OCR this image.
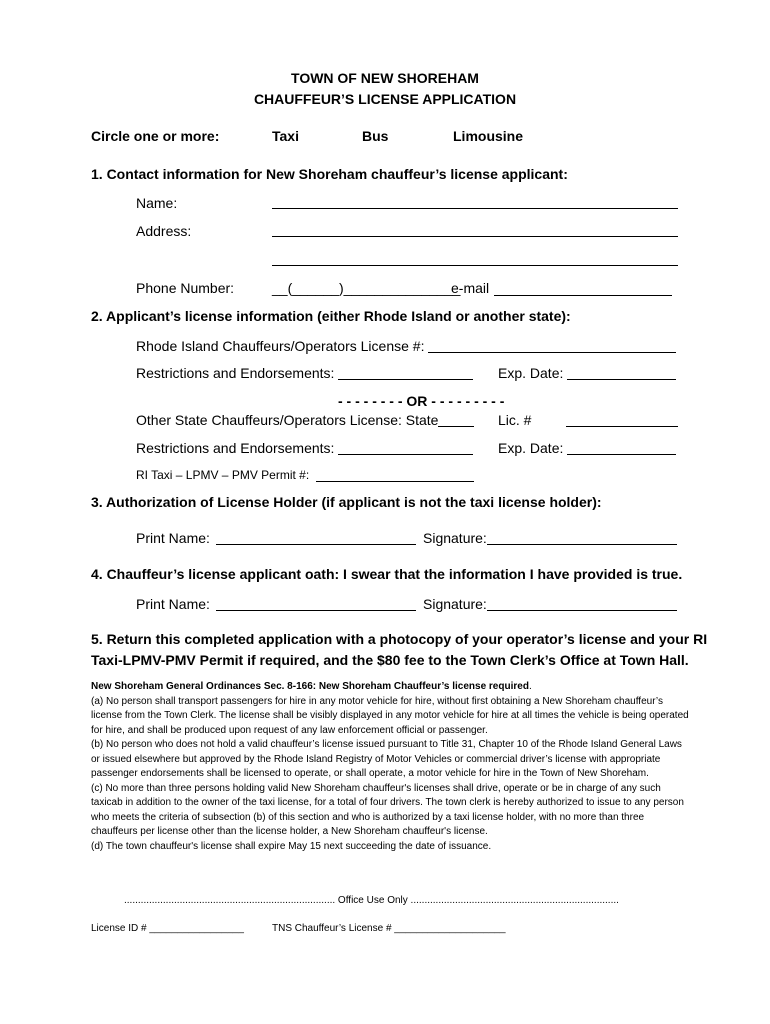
TOWN OF NEW SHOREHAM
CHAUFFEUR’S LICENSE APPLICATION
Circle one or more:	Taxi	Bus	Limousine
1. Contact information for New Shoreham chauffeur’s license applicant:
Name:
Address:
Phone Number:	__(______)_______________
e-mail
2. Applicant’s license information (either Rhode Island or another state):
Rhode Island Chauffeurs/Operators License #:
Restrictions and Endorsements:	Exp. Date:
- - - - - - - - OR - - - - - - - - -
Other State Chauffeurs/Operators License: State	Lic. #
Restrictions and Endorsements:	Exp. Date:
RI Taxi – LPMV – PMV Permit #:
3. Authorization of License Holder (if applicant is not the taxi license holder):
Print Name:	Signature:
4. Chauffeur’s license applicant oath: I swear that the information I have provided is true.
Print Name:	Signature:
5. Return this completed application with a photocopy of your operator’s license and your RI
Taxi-LPMV-PMV Permit if required, and the $80 fee to the Town Clerk’s Office at Town Hall.
New Shoreham General Ordinances Sec. 8-166: New Shoreham Chauffeur’s license required.
(a) No person shall transport passengers for hire in any motor vehicle for hire, without first obtaining a New Shoreham chauffeur’s license from the Town Clerk. The license shall be visibly displayed in any motor vehicle for hire at all times the vehicle is being operated for hire, and shall be produced upon request of any law enforcement official or passenger.
(b) No person who does not hold a valid chauffeur’s license issued pursuant to Title 31, Chapter 10 of the Rhode Island General Laws or issued elsewhere but approved by the Rhode Island Registry of Motor Vehicles or commercial driver’s license with appropriate passenger endorsements shall be licensed to operate, or shall operate, a motor vehicle for hire in the Town of New Shoreham.
(c) No more than three persons holding valid New Shoreham chauffeur's licenses shall drive, operate or be in charge of any such taxicab in addition to the owner of the taxi license, for a total of four drivers. The town clerk is hereby authorized to issue to any person who meets the criteria of subsection (b) of this section and who is authorized by a taxi license holder, with no more than three chauffeurs per license other than the license holder, a New Shoreham chauffeur's license.
(d) The town chauffeur's license shall expire May 15 next succeeding the date of issuance.
............................................................................ Office Use Only ...........................................................................
License ID # _________________	TNS Chauffeur’s License # ____________________
